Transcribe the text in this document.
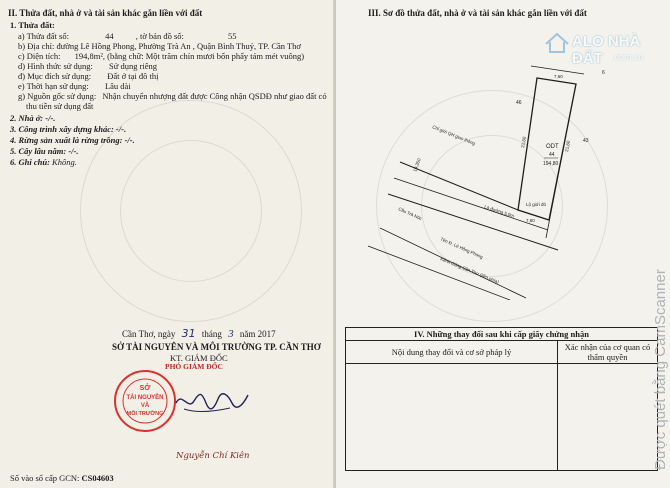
II. Thửa đất, nhà ở và tài sản khác gắn liền với đất
1. Thửa đất:
a) Thửa đất số:	44	, tờ bản đồ số:	55
b) Địa chỉ: đường Lê Hồng Phong, Phường Trà An , Quận Bình Thuỷ, TP. Cần Thơ
c) Diện tích: 194,8m², (bằng chữ: Một trăm chín mươi bốn phẩy tám mét vuông)
d) Hình thức sử dụng: Sử dụng riêng
đ) Mục đích sử dụng: Đất ở tại đô thị
e) Thời hạn sử dụng: Lâu dài
g) Nguồn gốc sử dụng: Nhận chuyển nhượng đất được Công nhận QSDĐ như giao đất có
thu tiền sử dụng đất
2. Nhà ở: -/-.
3. Công trình xây dựng khác: -/-.
4. Rừng sản xuất là rừng trồng: -/-.
5. Cây lâu năm: -/-.
6. Ghi chú: Không.
Cần Thơ, ngày 31 tháng 3 năm 2017
SỞ TÀI NGUYÊN VÀ MÔI TRƯỜNG TP. CẦN THƠ
KT. GIÁM ĐỐC
PHÓ GIÁM ĐỐC
SỞ
TÀI NGUYÊN
VÀ
MÔI TRƯỜNG
Nguyễn Chí Kiên
Số vào sổ cấp GCN: CS04603
III. Sơ đồ thửa đất, nhà ở và tài sản khác gắn liền với đất
ODT
44
194,80
46
6
43
7,60
21,60	21,60
7,60
19,350
Chỉ giới QH giao thông
Lộ giới đỏ
Lộ đường 5,0m
Cầu Trà Nóc
Tên Đ. Lê Hồng Phong
Kênh Công Cần Thơ (liền phía)
IV. Những thay đổi sau khi cấp giấy chứng nhận	
Nội dung thay đổi và cơ sở pháp lý	Xác nhận của cơ quan có thẩm quyền

ALO NHÀ ĐẤT	.com.vn
Được quét bằng CamScanner
